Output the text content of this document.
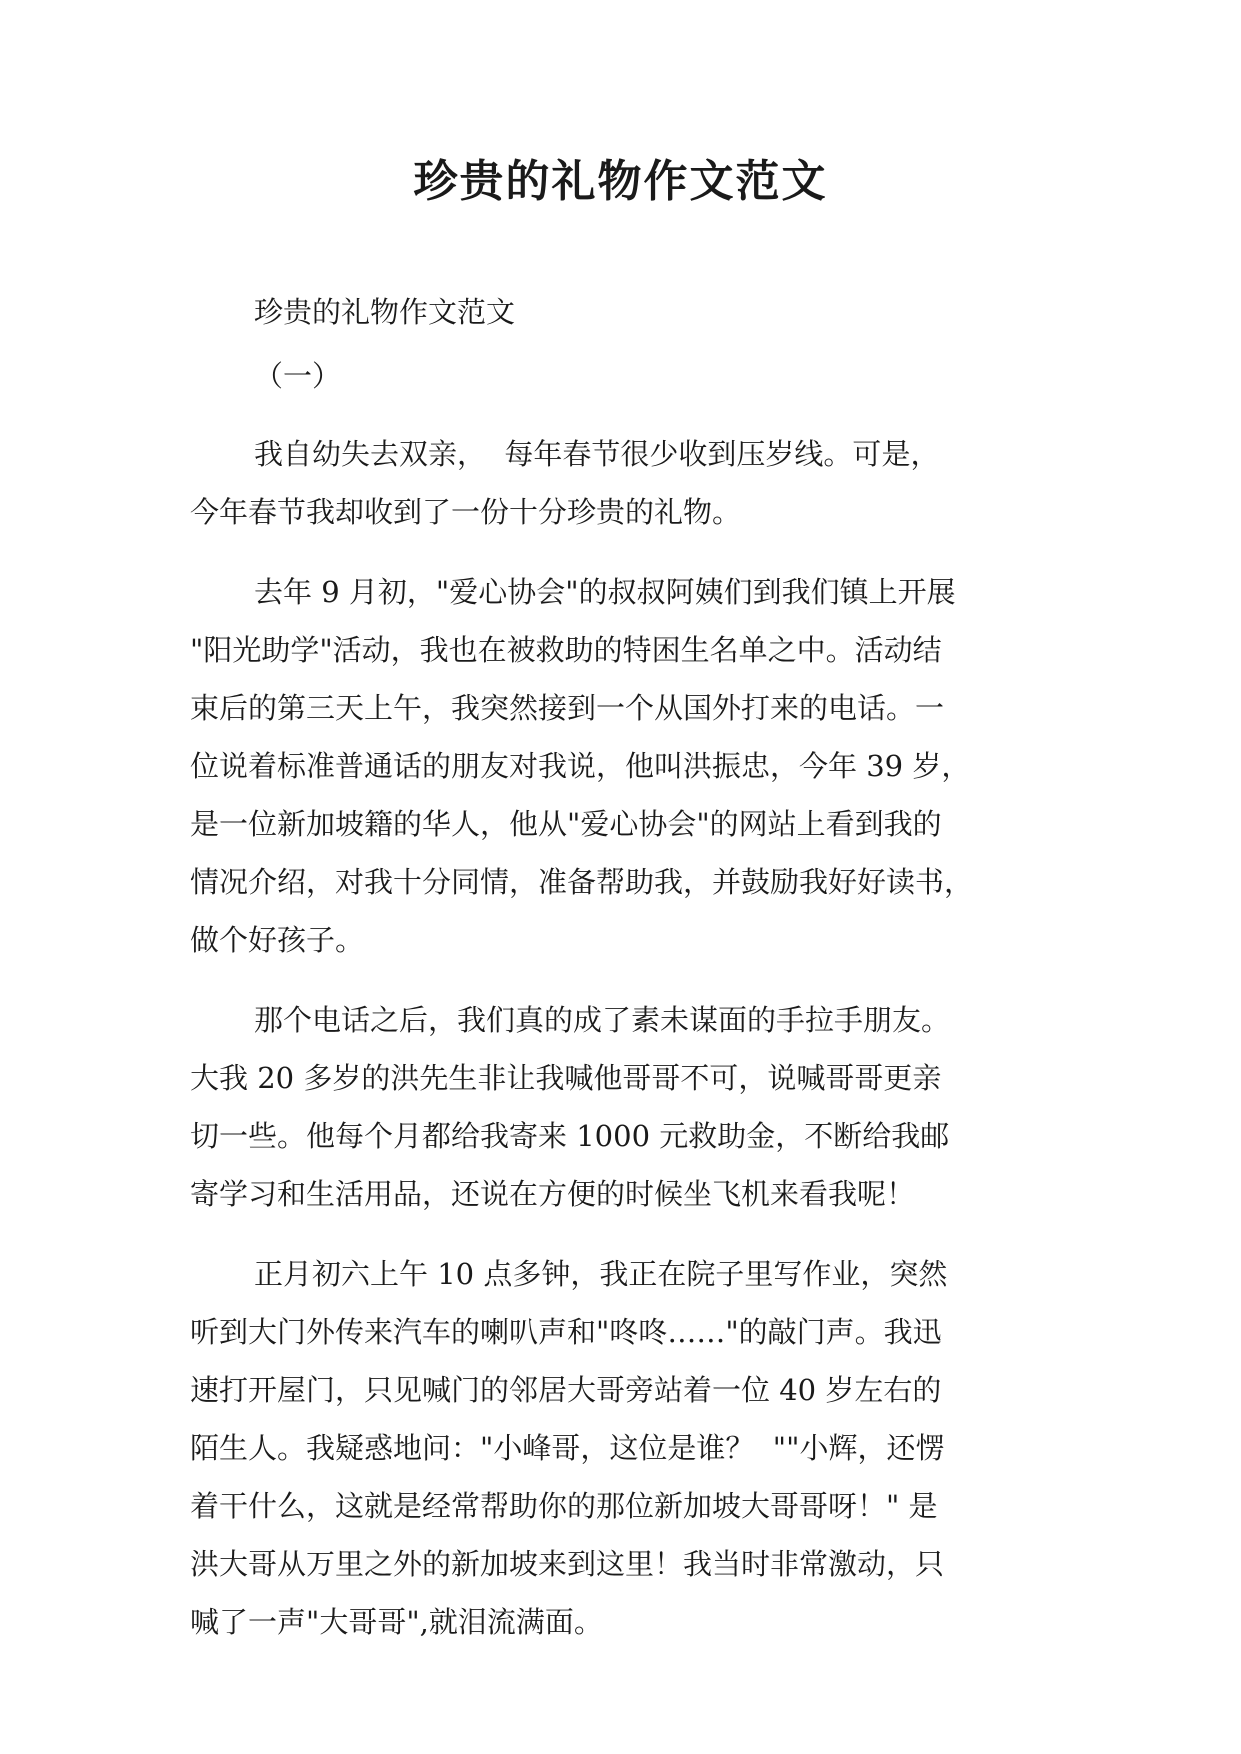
珍贵的礼物作文范文
珍贵的礼物作文范文
（一）
我自幼失去双亲，  每年春节很少收到压岁线。可是，
今年春节我却收到了一份十分珍贵的礼物。
去年 9 月初，"爱心协会"的叔叔阿姨们到我们镇上开展
"阳光助学"活动，我也在被救助的特困生名单之中。活动结
束后的第三天上午，我突然接到一个从国外打来的电话。一
位说着标准普通话的朋友对我说，他叫洪振忠，今年 39 岁，
是一位新加坡籍的华人，他从"爱心协会"的网站上看到我的
情况介绍，对我十分同情，准备帮助我，并鼓励我好好读书，
做个好孩子。
那个电话之后，我们真的成了素未谋面的手拉手朋友。
大我 20 多岁的洪先生非让我喊他哥哥不可，说喊哥哥更亲
切一些。他每个月都给我寄来 1000 元救助金，不断给我邮
寄学习和生活用品，还说在方便的时候坐飞机来看我呢！
正月初六上午 10 点多钟，我正在院子里写作业，突然
听到大门外传来汽车的喇叭声和"咚咚……"的敲门声。我迅
速打开屋门，只见喊门的邻居大哥旁站着一位 40 岁左右的
陌生人。我疑惑地问："小峰哥，这位是谁？  ""小辉，还愣
着干什么，这就是经常帮助你的那位新加坡大哥哥呀！" 是
洪大哥从万里之外的新加坡来到这里！我当时非常激动，只
喊了一声"大哥哥",就泪流满面。
